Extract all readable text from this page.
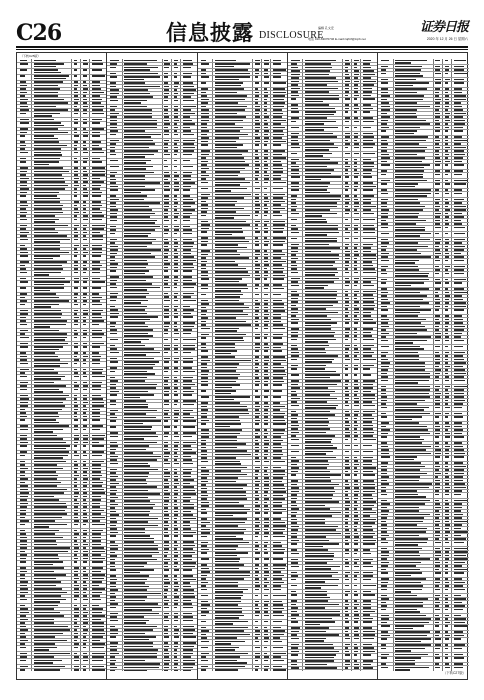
C26	信息披露 DISCLOSURE
编辑 孔文安
电话 010-63070746 E-mail:zqrbtf@zqrb.net
证券日报
2020 年 12 月 26 日 星期六
（下转C25版）
（下转C27版）
